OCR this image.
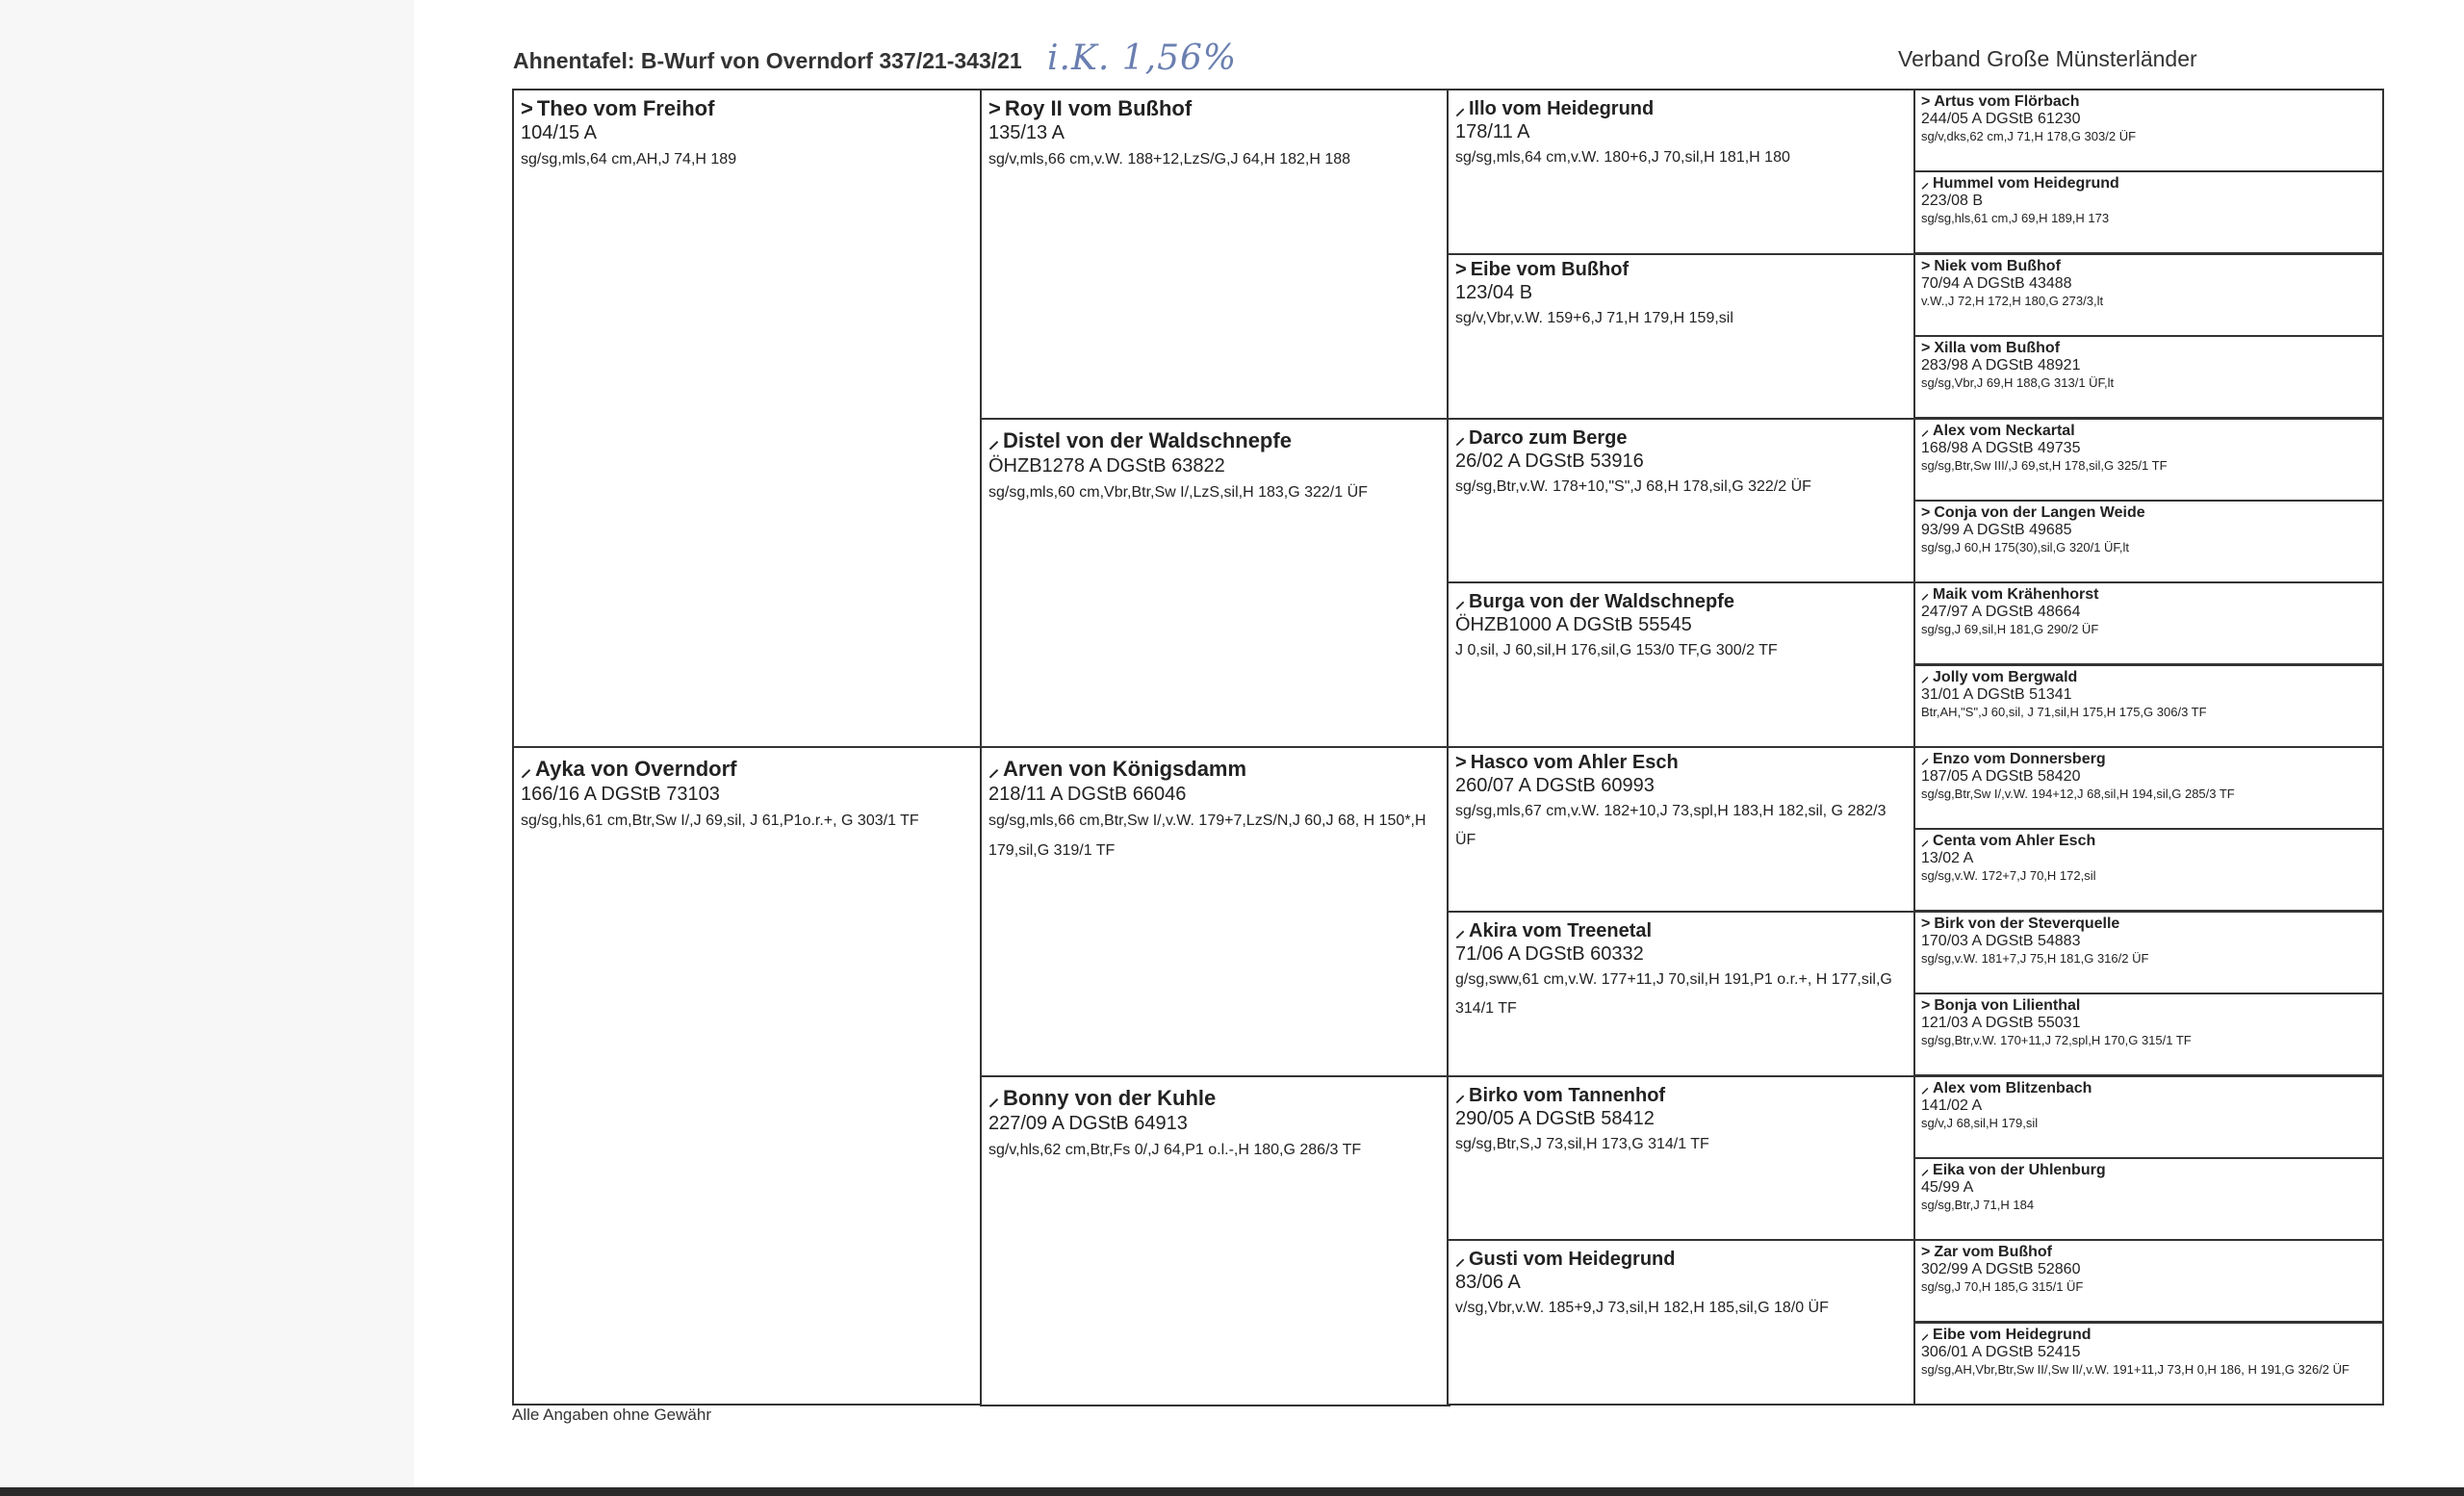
Ahnentafel: B-Wurf von Overndorf 337/21-343/21 i.K. 1,56%	Verband Große Münsterländer
> Theo vom Freihof
104/15 A
sg/sg,mls,64 cm,AH,J 74,H 189
⸝ Ayka von Overndorf
166/16 A DGStB 73103
sg/sg,hls,61 cm,Btr,Sw I/,J 69,sil, J 61,P1o.r.+, G 303/1 TF
> Roy II vom Bußhof
135/13 A
sg/v,mls,66 cm,v.W. 188+12,LzS/G,J 64,H 182,H 188
⸝ Distel von der Waldschnepfe
ÖHZB1278 A DGStB 63822
sg/sg,mls,60 cm,Vbr,Btr,Sw I/,LzS,sil,H 183,G 322/1 ÜF
⸝ Arven von Königsdamm
218/11 A DGStB 66046
sg/sg,mls,66 cm,Btr,Sw I/,v.W. 179+7,LzS/N,J 60,J 68, H 150*,H 179,sil,G 319/1 TF
⸝ Bonny von der Kuhle
227/09 A DGStB 64913
sg/v,hls,62 cm,Btr,Fs 0/,J 64,P1 o.l.-,H 180,G 286/3 TF
⸝ Illo vom Heidegrund
178/11 A
sg/sg,mls,64 cm,v.W. 180+6,J 70,sil,H 181,H 180
> Eibe vom Bußhof
123/04 B
sg/v,Vbr,v.W. 159+6,J 71,H 179,H 159,sil
⸝ Darco zum Berge
26/02 A DGStB 53916
sg/sg,Btr,v.W. 178+10,"S",J 68,H 178,sil,G 322/2 ÜF
⸝ Burga von der Waldschnepfe
ÖHZB1000 A DGStB 55545
J 0,sil, J 60,sil,H 176,sil,G 153/0 TF,G 300/2 TF
> Hasco vom Ahler Esch
260/07 A DGStB 60993
sg/sg,mls,67 cm,v.W. 182+10,J 73,spl,H 183,H 182,sil, G 282/3 ÜF
⸝ Akira vom Treenetal
71/06 A DGStB 60332
g/sg,sww,61 cm,v.W. 177+11,J 70,sil,H 191,P1 o.r.+, H 177,sil,G 314/1 TF
⸝ Birko vom Tannenhof
290/05 A DGStB 58412
sg/sg,Btr,S,J 73,sil,H 173,G 314/1 TF
⸝ Gusti vom Heidegrund
83/06 A
v/sg,Vbr,v.W. 185+9,J 73,sil,H 182,H 185,sil,G 18/0 ÜF
> Artus vom Flörbach
244/05 A DGStB 61230
sg/v,dks,62 cm,J 71,H 178,G 303/2 ÜF
⸝ Hummel vom Heidegrund
223/08 B
sg/sg,hls,61 cm,J 69,H 189,H 173
> Niek vom Bußhof
70/94 A DGStB 43488
v.W.,J 72,H 172,H 180,G 273/3,lt
> Xilla vom Bußhof
283/98 A DGStB 48921
sg/sg,Vbr,J 69,H 188,G 313/1 ÜF,lt
⸝ Alex vom Neckartal
168/98 A DGStB 49735
sg/sg,Btr,Sw III/,J 69,st,H 178,sil,G 325/1 TF
> Conja von der Langen Weide
93/99 A DGStB 49685
sg/sg,J 60,H 175(30),sil,G 320/1 ÜF,lt
⸝ Maik vom Krähenhorst
247/97 A DGStB 48664
sg/sg,J 69,sil,H 181,G 290/2 ÜF
⸝ Jolly vom Bergwald
31/01 A DGStB 51341
Btr,AH,"S",J 60,sil, J 71,sil,H 175,H 175,G 306/3 TF
⸝ Enzo vom Donnersberg
187/05 A DGStB 58420
sg/sg,Btr,Sw I/,v.W. 194+12,J 68,sil,H 194,sil,G 285/3 TF
⸝ Centa vom Ahler Esch
13/02 A
sg/sg,v.W. 172+7,J 70,H 172,sil
> Birk von der Steverquelle
170/03 A DGStB 54883
sg/sg,v.W. 181+7,J 75,H 181,G 316/2 ÜF
> Bonja von Lilienthal
121/03 A DGStB 55031
sg/sg,Btr,v.W. 170+11,J 72,spl,H 170,G 315/1 TF
⸝ Alex vom Blitzenbach
141/02 A
sg/v,J 68,sil,H 179,sil
⸝ Eika von der Uhlenburg
45/99 A
sg/sg,Btr,J 71,H 184
> Zar vom Bußhof
302/99 A DGStB 52860
sg/sg,J 70,H 185,G 315/1 ÜF
⸝ Eibe vom Heidegrund
306/01 A DGStB 52415
sg/sg,AH,Vbr,Btr,Sw II/,Sw II/,v.W. 191+11,J 73,H 0,H 186, H 191,G 326/2 ÜF
Alle Angaben ohne Gewähr
